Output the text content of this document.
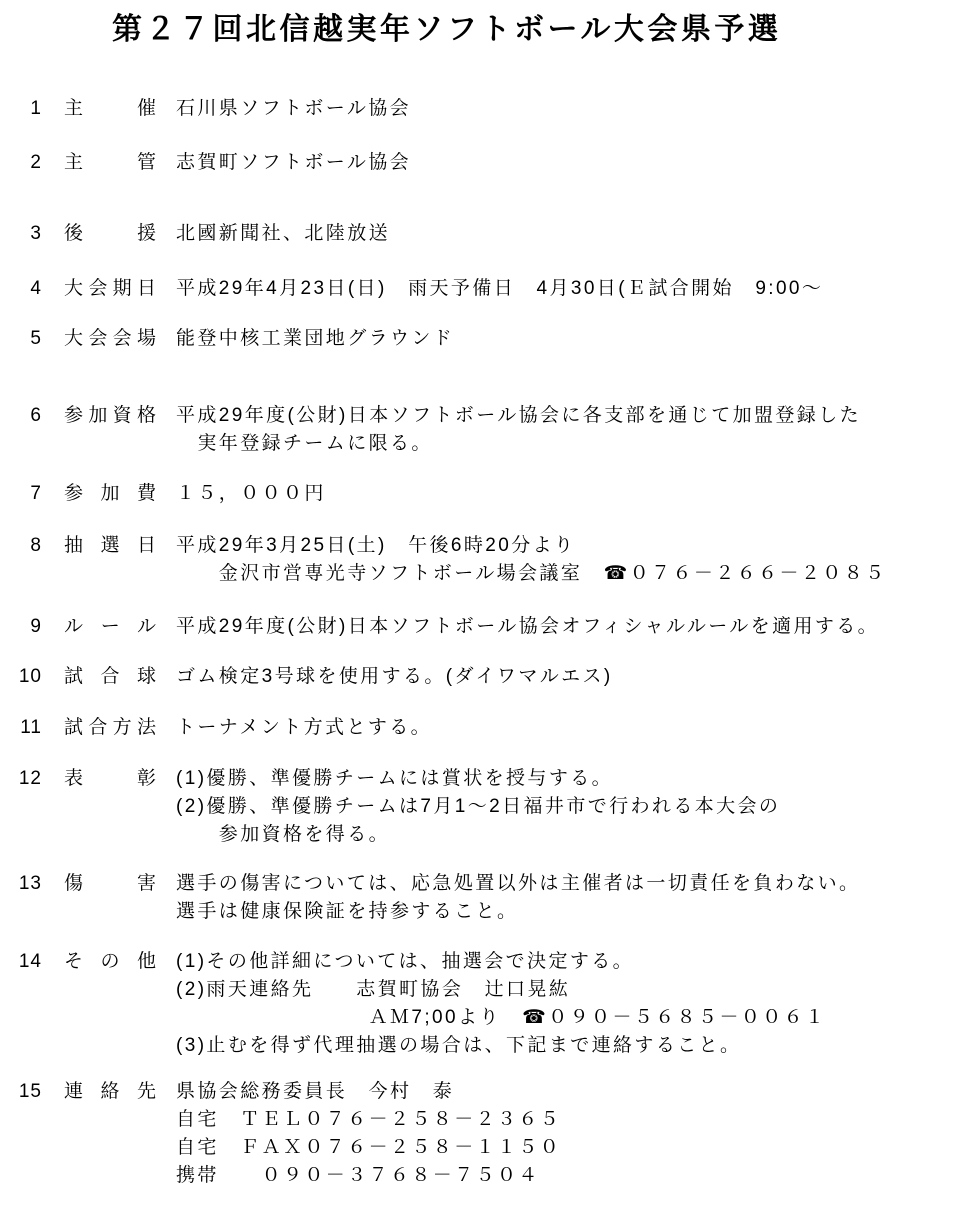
第２７回北信越実年ソフトボール大会県予選
1 主催 石川県ソフトボール協会
2 主管 志賀町ソフトボール協会
3 後援 北國新聞社、北陸放送
4 大会期日 平成29年4月23日(日)　雨天予備日　4月30日(Ｅ試合開始　9:00～
5 大会会場 能登中核工業団地グラウンド
6 参加資格 平成29年度(公財)日本ソフトボール協会に各支部を通じて加盟登録した
　実年登録チームに限る。
7 参加費 １５，０００円
8 抽選日 平成29年3月25日(土)　午後6時20分より
　　金沢市営専光寺ソフトボール場会議室　☎０７６－２６６－２０８５
9 ルール 平成29年度(公財)日本ソフトボール協会オフィシャルルールを適用する。
10 試合球 ゴム検定3号球を使用する。(ダイワマルエス)
11 試合方法 トーナメント方式とする。
12 表彰 (1)優勝、準優勝チームには賞状を授与する。
(2)優勝、準優勝チームは7月1～2日福井市で行われる本大会の
　　参加資格を得る。
13 傷害 選手の傷害については、応急処置以外は主催者は一切責任を負わない。
選手は健康保険証を持参すること。
14 その他 (1)その他詳細については、抽選会で決定する。
(2)雨天連絡先　　志賀町協会　辻口晃紘
　　　　　　　　　ＡＭ7;00より　☎０９０－５６８５－００６１
(3)止むを得ず代理抽選の場合は、下記まで連絡すること。
15 連絡先 県協会総務委員長　今村　泰
自宅　ＴＥＬ０７６－２５８－２３６５
自宅　ＦＡＸ０７６－２５８－１１５０
携帯　　０９０－３７６８－７５０４
